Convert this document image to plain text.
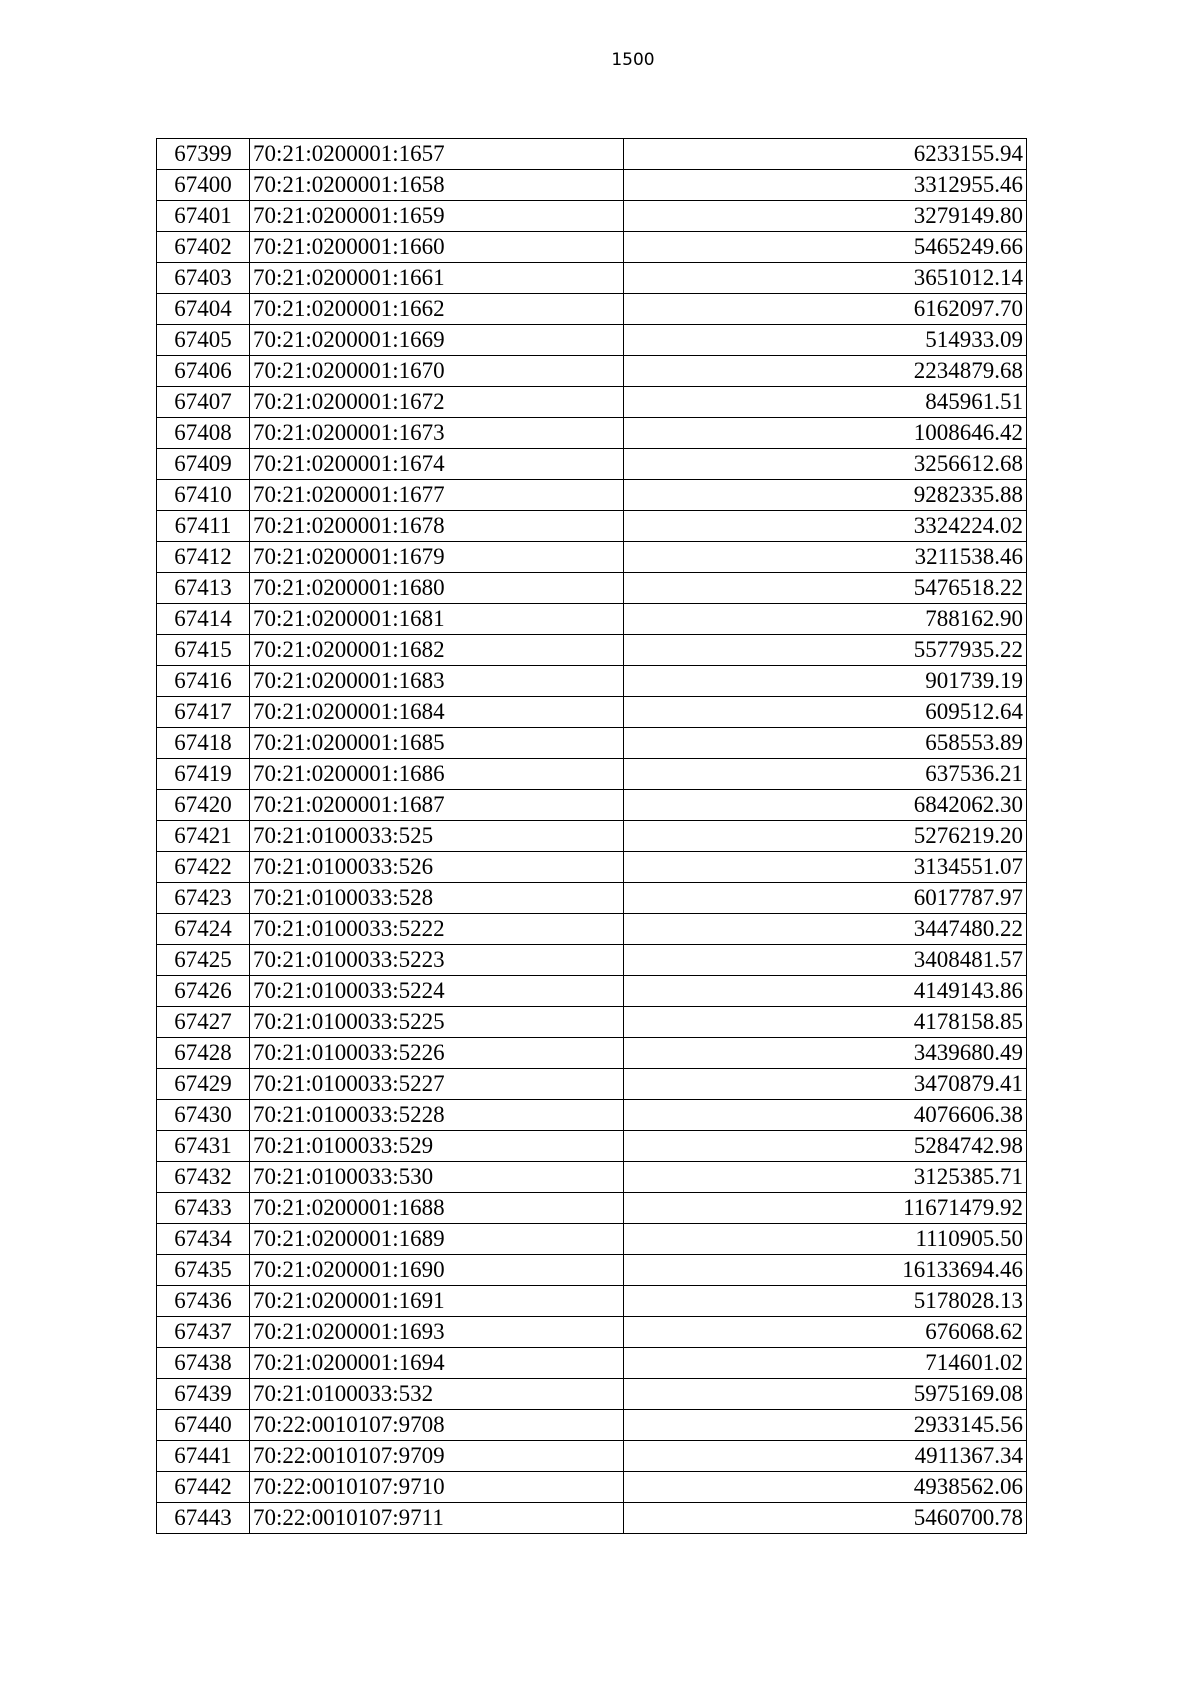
1500
67399	70:21:0200001:1657	6233155.94
67400	70:21:0200001:1658	3312955.46
67401	70:21:0200001:1659	3279149.80
67402	70:21:0200001:1660	5465249.66
67403	70:21:0200001:1661	3651012.14
67404	70:21:0200001:1662	6162097.70
67405	70:21:0200001:1669	514933.09
67406	70:21:0200001:1670	2234879.68
67407	70:21:0200001:1672	845961.51
67408	70:21:0200001:1673	1008646.42
67409	70:21:0200001:1674	3256612.68
67410	70:21:0200001:1677	9282335.88
67411	70:21:0200001:1678	3324224.02
67412	70:21:0200001:1679	3211538.46
67413	70:21:0200001:1680	5476518.22
67414	70:21:0200001:1681	788162.90
67415	70:21:0200001:1682	5577935.22
67416	70:21:0200001:1683	901739.19
67417	70:21:0200001:1684	609512.64
67418	70:21:0200001:1685	658553.89
67419	70:21:0200001:1686	637536.21
67420	70:21:0200001:1687	6842062.30
67421	70:21:0100033:525	5276219.20
67422	70:21:0100033:526	3134551.07
67423	70:21:0100033:528	6017787.97
67424	70:21:0100033:5222	3447480.22
67425	70:21:0100033:5223	3408481.57
67426	70:21:0100033:5224	4149143.86
67427	70:21:0100033:5225	4178158.85
67428	70:21:0100033:5226	3439680.49
67429	70:21:0100033:5227	3470879.41
67430	70:21:0100033:5228	4076606.38
67431	70:21:0100033:529	5284742.98
67432	70:21:0100033:530	3125385.71
67433	70:21:0200001:1688	11671479.92
67434	70:21:0200001:1689	1110905.50
67435	70:21:0200001:1690	16133694.46
67436	70:21:0200001:1691	5178028.13
67437	70:21:0200001:1693	676068.62
67438	70:21:0200001:1694	714601.02
67439	70:21:0100033:532	5975169.08
67440	70:22:0010107:9708	2933145.56
67441	70:22:0010107:9709	4911367.34
67442	70:22:0010107:9710	4938562.06
67443	70:22:0010107:9711	5460700.78
